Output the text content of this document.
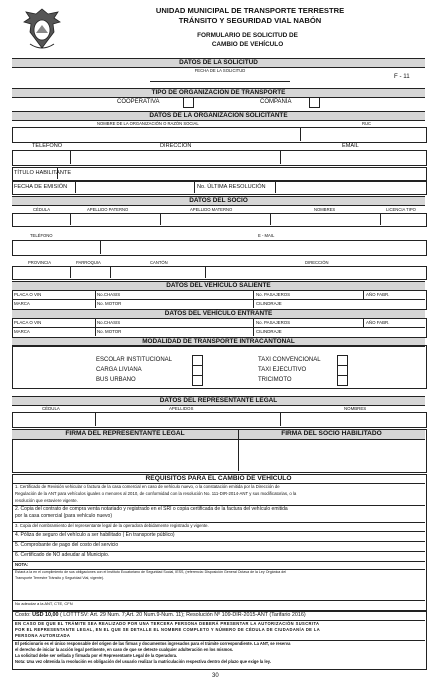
UNIDAD MUNICIPAL DE TRANSPORTE TERRESTRE
TRÁNSITO Y SEGURIDAD VIAL NABÓN
FORMULARIO DE SOLICITUD DE
CAMBIO DE VEHÍCULO
DATOS DE LA SOLICITUD
FECHA DE LA SOLICITUD
F - 11
TIPO DE ORGANIZACIÓN DE TRANSPORTE
COOPERATIVA	COMPAÑÍA
DATOS DE LA ORGANIZACIÓN SOLICITANTE
NOMBRE DE LA ORGANIZACIÓN O RAZÓN SOCIAL	RUC
TELÉFONO	DIRECCIÓN	EMAIL
TÍTULO HABILITANTE
FECHA DE EMISIÓN	No. ÚLTIMA RESOLUCIÓN
DATOS DEL SOCIO
CÉDULA	APELLIDO PATERNO	APELLIDO MATERNO	NOMBRES	LICENCIA TIPO
TELÉFONO	E - MAIL
PROVINCIA	PARROQUIA	CANTÓN	DIRECCIÓN
DATOS DEL VEHÍCULO SALIENTE
PLACA O VIN	No.CHASIS	No. PASAJEROS	AÑO FABR.
MARCA	No. MOTOR	CILINDRAJE
DATOS DEL VEHÍCULO ENTRANTE
PLACA O VIN	No.CHASIS	No. PASAJEROS	AÑO FABR.
MARCA	No. MOTOR	CILINDRAJE
MODALIDAD DE TRANSPORTE INTRACANTONAL
ESCOLAR INSTITUCIONAL
CARGA LIVIANA
BUS URBANO
TAXI CONVENCIONAL
TAXI EJECUTIVO
TRICIMOTO
DATOS DEL REPRESENTANTE LEGAL
CÉDULA	APELLIDOS	NOMBRES
FIRMA DEL REPRESENTANTE LEGAL	FIRMA DEL SOCIO HABILITADO
REQUISITOS PARA EL CAMBIO DE VEHÍCULO
1. Certificado de Revisión vehicular o factura de la casa comercial en caso de vehículo nuevo, o la constatación emitida por la Dirección de
Regulación de la ANT para vehículos iguales o menores al 2010, de conformidad con la resolución No. 111-DIR-2014-ANT y sus modificatorias, o la
resolución que estuviere vigente.
2. Copia del contrato de compra venta notariado y registrado en el SRI o copia certificada de la factura del vehículo emitida
por la casa comercial (para vehículo nuevo)
3. Copia del nombramiento del representante legal de la operadora debidamente registrado y vigente.
4. Póliza de seguro del vehículo a ser habilitado ( En transporte público)
5. Comprobante de pago del costo del servicio
6. Certificado de NO adeudar al Municipio.
NOTA:
Estará a la en el cumplimiento de sus obligaciones con el Instituto Ecuatoriano de Seguridad Social, IESS, (referencia: Disposición General Octava de la Ley Orgánica del
Transporte Terrestre Tránsito y Seguridad Vial, vigente).
No adeudar a la ANT, CTE, CFN
Costo: USD 10,00 ( LOTTTSV: Art. 29 Num. 7;Art. 20 Num.9-Num. 11); Resolución Nº 109-DIR-2015-ANT (Tarifario 2016)
EN CASO DE QUE EL TRÁMITE SEA REALIZADO POR UNA TERCERA PERSONA DEBERÁ PRESENTAR LA AUTORIZACIÓN SUSCRITA
POR EL REPRESENTANTE LEGAL, EN EL QUE SE DETALLE EL NOMBRE COMPLETO Y NÚMERO DE CÉDULA DE CIUDADANÍA DE LA
PERSONA AUTORIZADA
El peticionario es el único responsable del origen de las firmas y documentos ingresados para el trámite correspondiente. La ANT, se reserva
el derecho de iniciar la acción legal pertinente, en caso de que se detecte cualquier adulteración en los mismos.
La solicitud debe ser sellada y firmada por el Representante Legal de la Operadora.
Nota: Una vez obtenida la resolución es obligación del usuario realizar la matriculación respectiva dentro del plazo que exige la ley.
30
